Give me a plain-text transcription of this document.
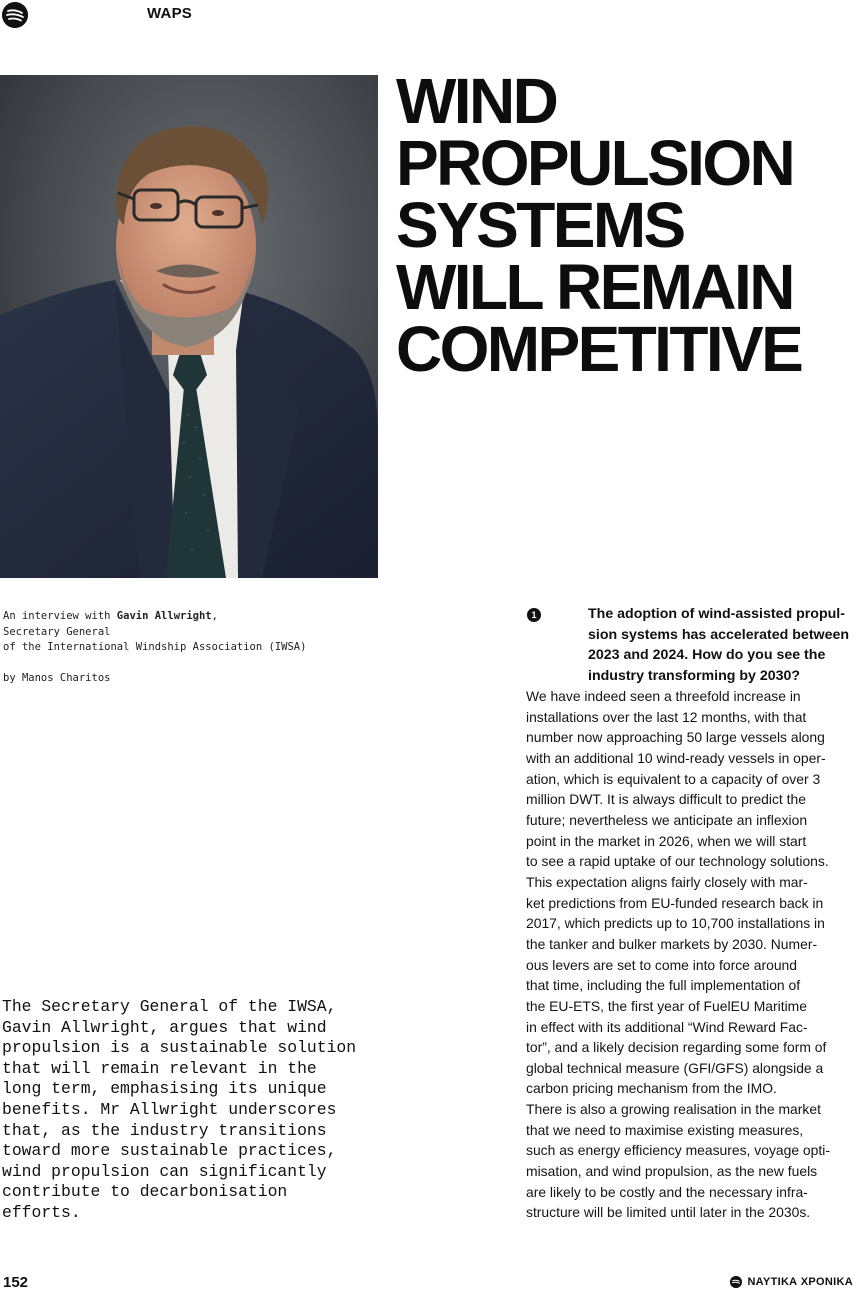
WAPS
WIND
PROPULSION
SYSTEMS
WILL REMAIN
COMPETITIVE
An interview with Gavin Allwright,
Secretary General
of the International Windship Association (IWSA)
by Manos Charitos
The Secretary General of the IWSA,
Gavin Allwright, argues that wind
propulsion is a sustainable solution
that will remain relevant in the
long term, emphasising its unique
benefits. Mr Allwright underscores
that, as the industry transitions
toward more sustainable practices,
wind propulsion can significantly
contribute to decarbonisation
efforts.
1	The adoption of wind-assisted propul-
sion systems has accelerated between
2023 and 2024. How do you see the
industry transforming by 2030?
We have indeed seen a threefold increase in
installations over the last 12 months, with that
number now approaching 50 large vessels along
with an additional 10 wind-ready vessels in oper-
ation, which is equivalent to a capacity of over 3
million DWT. It is always difficult to predict the
future; nevertheless we anticipate an inflexion
point in the market in 2026, when we will start
to see a rapid uptake of our technology solutions.
This expectation aligns fairly closely with mar-
ket predictions from EU-funded research back in
2017, which predicts up to 10,700 installations in
the tanker and bulker markets by 2030. Numer-
ous levers are set to come into force around
that time, including the full implementation of
the EU-ETS, the first year of FuelEU Maritime
in effect with its additional “Wind Reward Fac-
tor”, and a likely decision regarding some form of
global technical measure (GFI/GFS) alongside a
carbon pricing mechanism from the IMO.
There is also a growing realisation in the market
that we need to maximise existing measures,
such as energy efficiency measures, voyage opti-
misation, and wind propulsion, as the new fuels
are likely to be costly and the necessary infra-
structure will be limited until later in the 2030s.
152	ΝΑΥΤΙΚΑ ΧΡΟΝΙΚΑ
